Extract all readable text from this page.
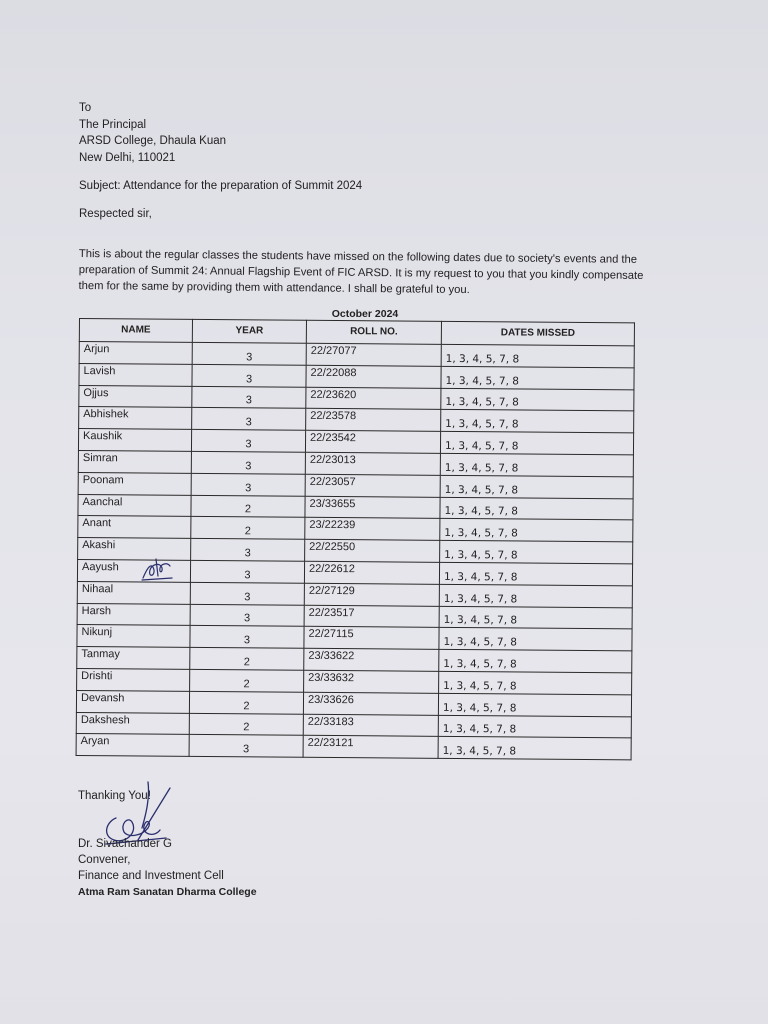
To
The Principal
ARSD College, Dhaula Kuan
New Delhi, 110021
Subject: Attendance for the preparation of Summit 2024
Respected sir,
This is about the regular classes the students have missed on the following dates due to society's events and the preparation of Summit 24: Annual Flagship Event of FIC ARSD. It is my request to you that you kindly compensate them for the same by providing them with attendance. I shall be grateful to you.
October 2024
NAME	YEAR	ROLL NO.	DATES MISSED
Arjun	3	22/27077	1, 3, 4, 5, 7, 8
Lavish	3	22/22088	1, 3, 4, 5, 7, 8
Ojjus	3	22/23620	1, 3, 4, 5, 7, 8
Abhishek	3	22/23578	1, 3, 4, 5, 7, 8
Kaushik	3	22/23542	1, 3, 4, 5, 7, 8
Simran	3	22/23013	1, 3, 4, 5, 7, 8
Poonam	3	22/23057	1, 3, 4, 5, 7, 8
Aanchal	2	23/33655	1, 3, 4, 5, 7, 8
Anant	2	23/22239	1, 3, 4, 5, 7, 8
Akashi	3	22/22550	1, 3, 4, 5, 7, 8
Aayush	3	22/22612	1, 3, 4, 5, 7, 8
Nihaal	3	22/27129	1, 3, 4, 5, 7, 8
Harsh	3	22/23517	1, 3, 4, 5, 7, 8
Nikunj	3	22/27115	1, 3, 4, 5, 7, 8
Tanmay	2	23/33622	1, 3, 4, 5, 7, 8
Drishti	2	23/33632	1, 3, 4, 5, 7, 8
Devansh	2	23/33626	1, 3, 4, 5, 7, 8
Dakshesh	2	22/33183	1, 3, 4, 5, 7, 8
Aryan	3	22/23121	1, 3, 4, 5, 7, 8
Thanking You!
Dr. Sivachander G
Convener,
Finance and Investment Cell
Atma Ram Sanatan Dharma College
